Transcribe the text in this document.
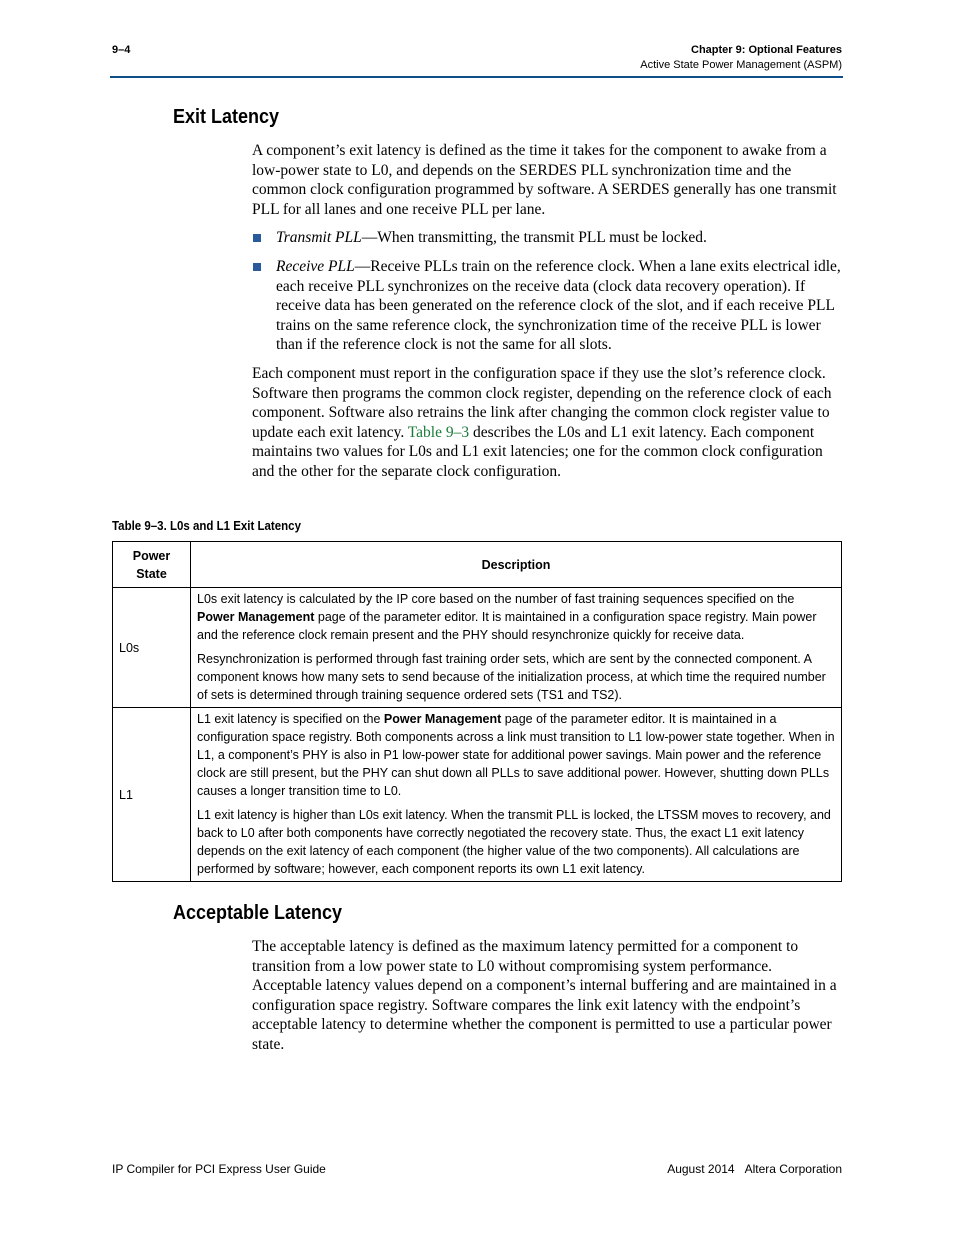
9–4	Chapter 9: Optional Features
Active State Power Management (ASPM)
Exit Latency

A component’s exit latency is defined as the time it takes for the component to awake from a low-power state to L0, and depends on the SERDES PLL synchronization time and the common clock configuration programmed by software. A SERDES generally has one transmit PLL for all lanes and one receive PLL per lane.

Transmit PLL—When transmitting, the transmit PLL must be locked.
Receive PLL—Receive PLLs train on the reference clock. When a lane exits electrical idle, each receive PLL synchronizes on the receive data (clock data recovery operation). If receive data has been generated on the reference clock of the slot, and if each receive PLL trains on the same reference clock, the synchronization time of the receive PLL is lower than if the reference clock is not the same for all slots.

Each component must report in the configuration space if they use the slot’s reference clock. Software then programs the common clock register, depending on the reference clock of each component. Software also retrains the link after changing the common clock register value to update each exit latency. Table 9–3 describes the L0s and L1 exit latency. Each component maintains two values for L0s and L1 exit latencies; one for the common clock configuration and the other for the separate clock configuration.

Table 9–3. L0s and L1 Exit Latency
Power
State	Description
L0s	L0s exit latency is calculated by the IP core based on the number of fast training sequences specified on the Power Management page of the parameter editor. It is maintained in a configuration space registry. Main power and the reference clock remain present and the PHY should resynchronize quickly for receive data.

Resynchronization is performed through fast training order sets, which are sent by the connected component. A component knows how many sets to send because of the initialization process, at which time the required number of sets is determined through training sequence ordered sets (TS1 and TS2).

L1	L1 exit latency is specified on the Power Management page of the parameter editor. It is maintained in a configuration space registry. Both components across a link must transition to L1 low-power state together. When in L1, a component’s PHY is also in P1 low-power state for additional power savings. Main power and the reference clock are still present, but the PHY can shut down all PLLs to save additional power. However, shutting down PLLs causes a longer transition time to L0.

L1 exit latency is higher than L0s exit latency. When the transmit PLL is locked, the LTSSM moves to recovery, and back to L0 after both components have correctly negotiated the recovery state. Thus, the exact L1 exit latency depends on the exit latency of each component (the higher value of the two components). All calculations are performed by software; however, each component reports its own L1 exit latency.

Acceptable Latency

The acceptable latency is defined as the maximum latency permitted for a component to transition from a low power state to L0 without compromising system performance. Acceptable latency values depend on a component’s internal buffering and are maintained in a configuration space registry. Software compares the link exit latency with the endpoint’s acceptable latency to determine whether the component is permitted to use a particular power state.

IP Compiler for PCI Express User Guide	August 2014 Altera Corporation
